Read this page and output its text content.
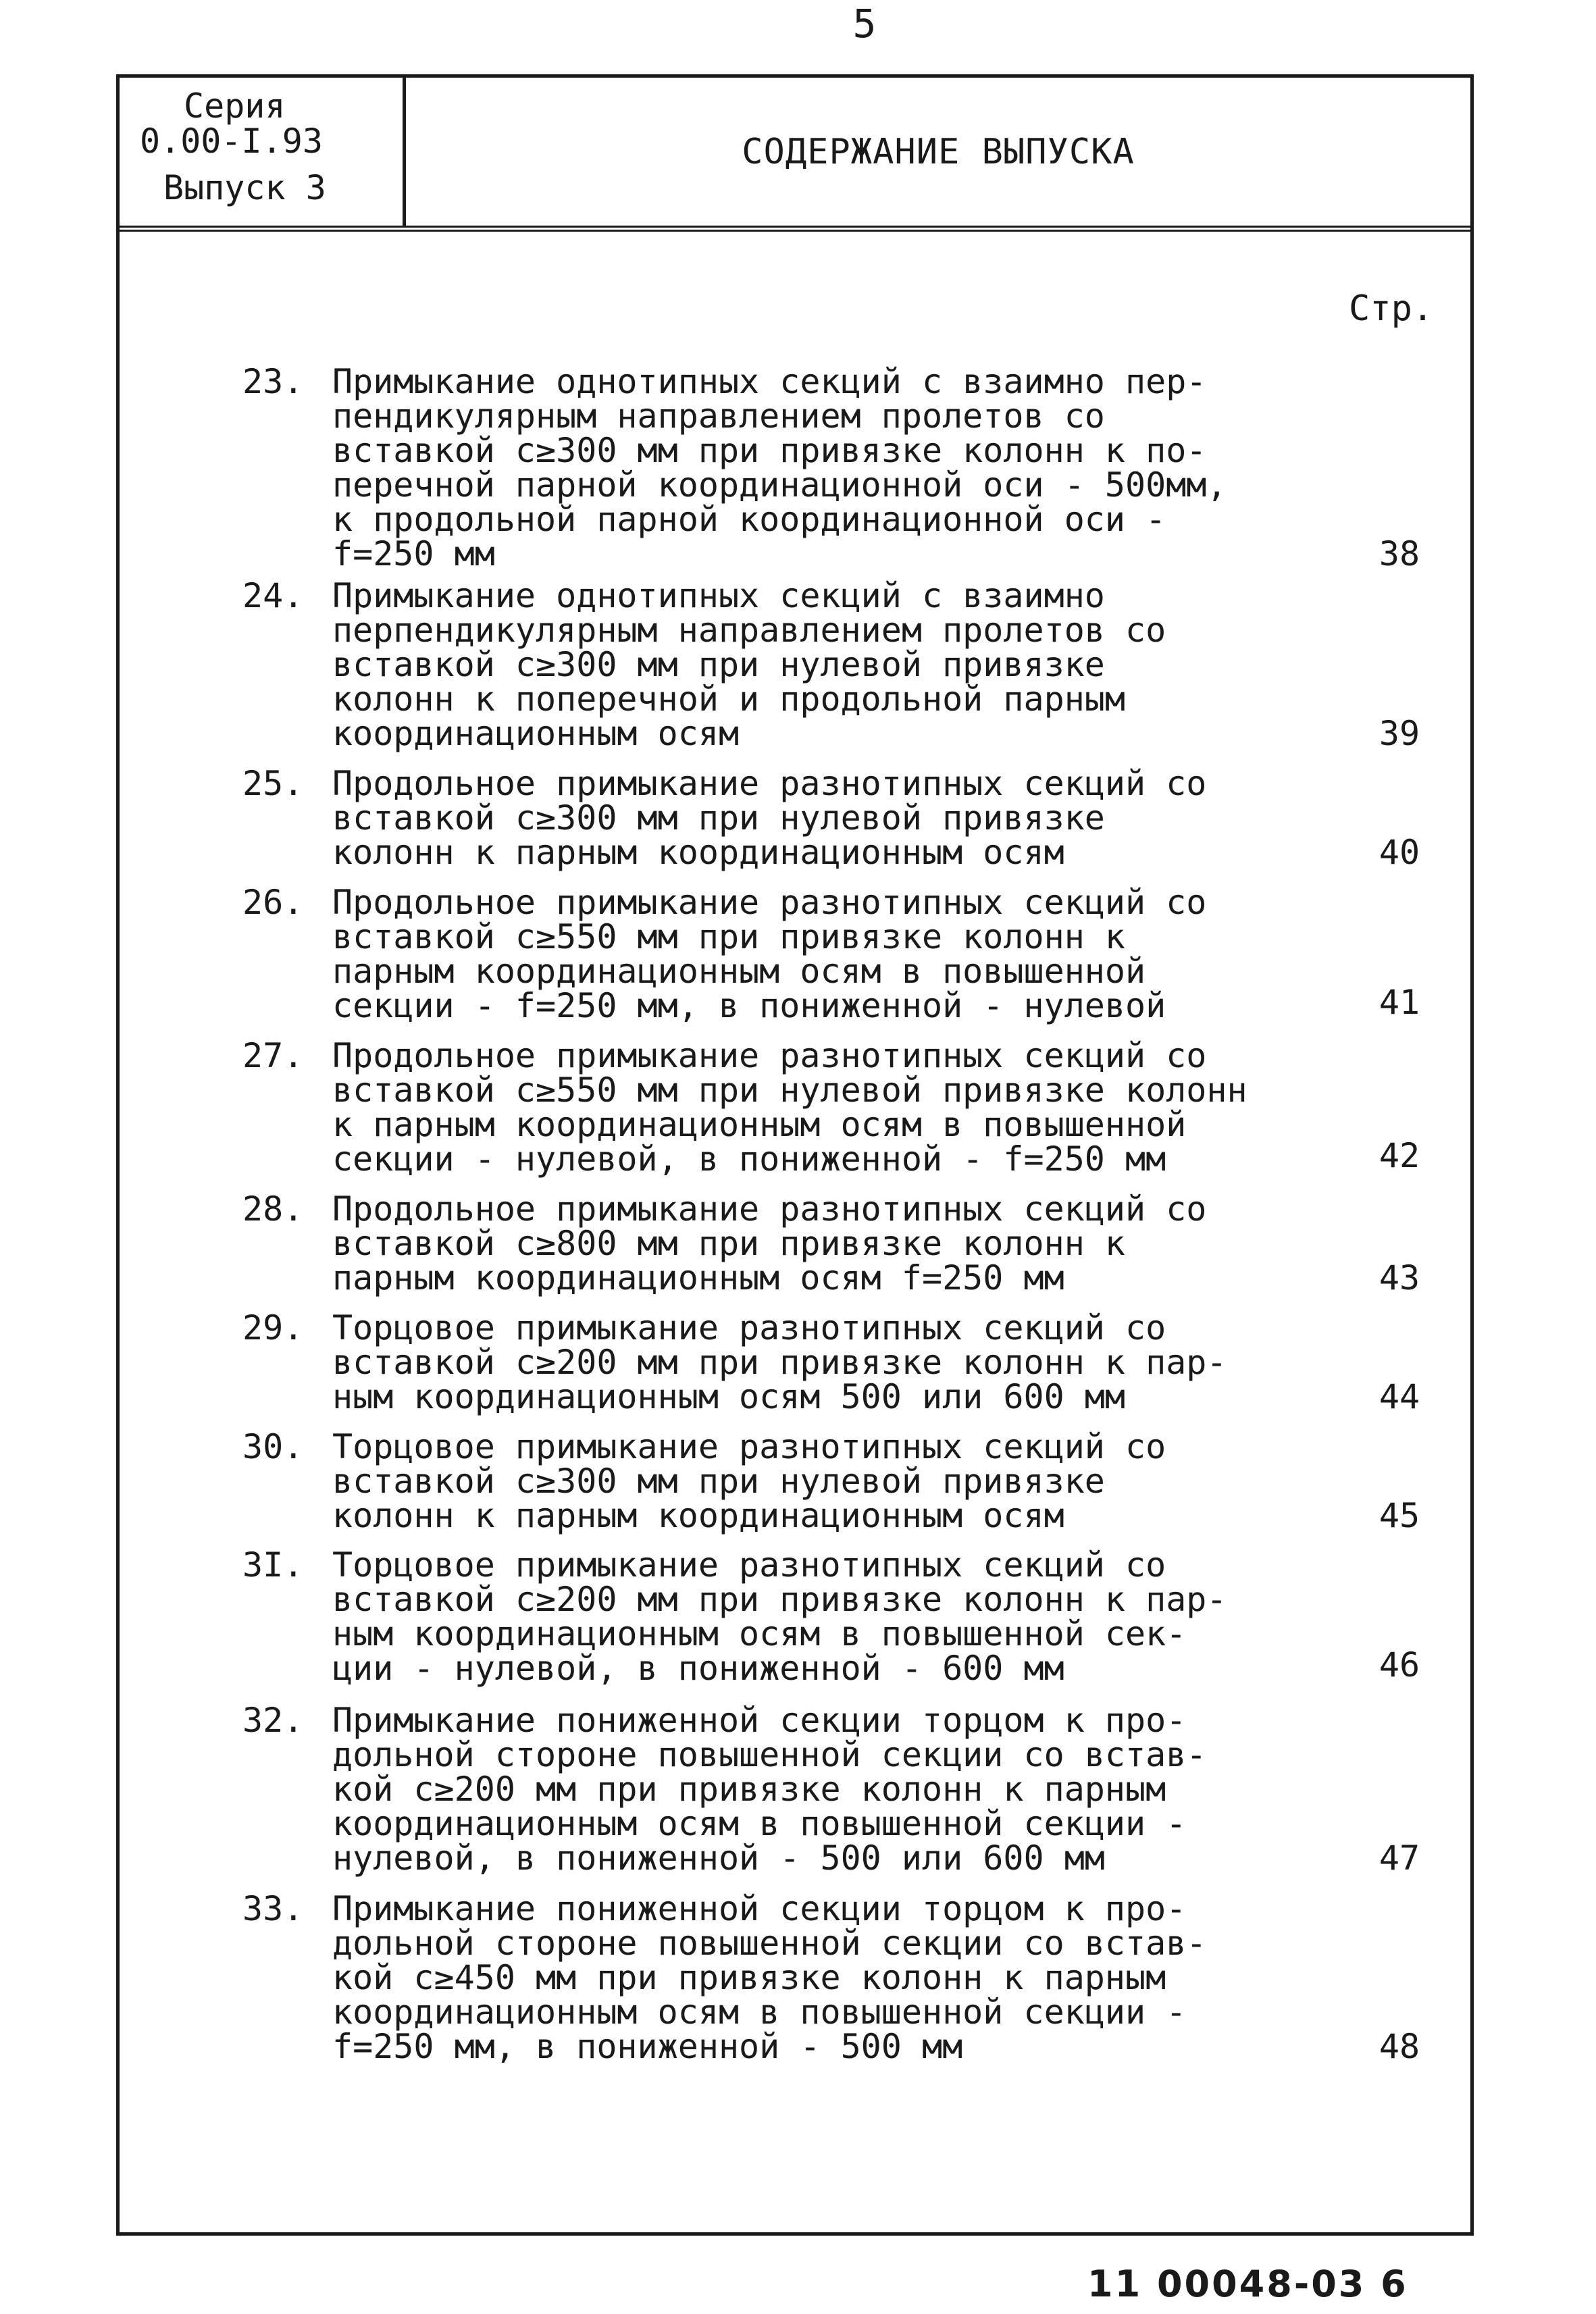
5
Серия
0.00-I.93
Выпуск 3
СОДЕРЖАНИЕ ВЫПУСКА
Стр.
23. Примыкание однотипных секций с взаимно пер-
пендикулярным направлением пролетов со
вставкой c≥300 мм при привязке колонн к по-
перечной парной координационной оси - 500мм,
к продольной парной координационной оси -
f=250 мм	38
24. Примыкание однотипных секций с взаимно
перпендикулярным направлением пролетов со
вставкой c≥300 мм при нулевой привязке
колонн к поперечной и продольной парным
координационным осям	39
25. Продольное примыкание разнотипных секций со
вставкой c≥300 мм при нулевой привязке
колонн к парным координационным осям	40
26. Продольное примыкание разнотипных секций со
вставкой c≥550 мм при привязке колонн к
парным координационным осям в повышенной
секции - f=250 мм, в пониженной - нулевой	41
27. Продольное примыкание разнотипных секций со
вставкой c≥550 мм при нулевой привязке колонн
к парным координационным осям в повышенной
секции - нулевой, в пониженной - f=250 мм	42
28. Продольное примыкание разнотипных секций со
вставкой c≥800 мм при привязке колонн к
парным координационным осям f=250 мм	43
29. Торцовое примыкание разнотипных секций со
вставкой c≥200 мм при привязке колонн к пар-
ным координационным осям 500 или 600 мм	44
30. Торцовое примыкание разнотипных секций со
вставкой c≥300 мм при нулевой привязке
колонн к парным координационным осям	45
3I. Торцовое примыкание разнотипных секций со
вставкой c≥200 мм при привязке колонн к пар-
ным координационным осям в повышенной сек-
ции - нулевой, в пониженной - 600 мм	46
32. Примыкание пониженной секции торцом к про-
дольной стороне повышенной секции со встав-
кой c≥200 мм при привязке колонн к парным
координационным осям в повышенной секции -
нулевой, в пониженной - 500 или 600 мм	47
33. Примыкание пониженной секции торцом к про-
дольной стороне повышенной секции со встав-
кой c≥450 мм при привязке колонн к парным
координационным осям в повышенной секции -
f=250 мм, в пониженной - 500 мм	48
11 00048-03 6
